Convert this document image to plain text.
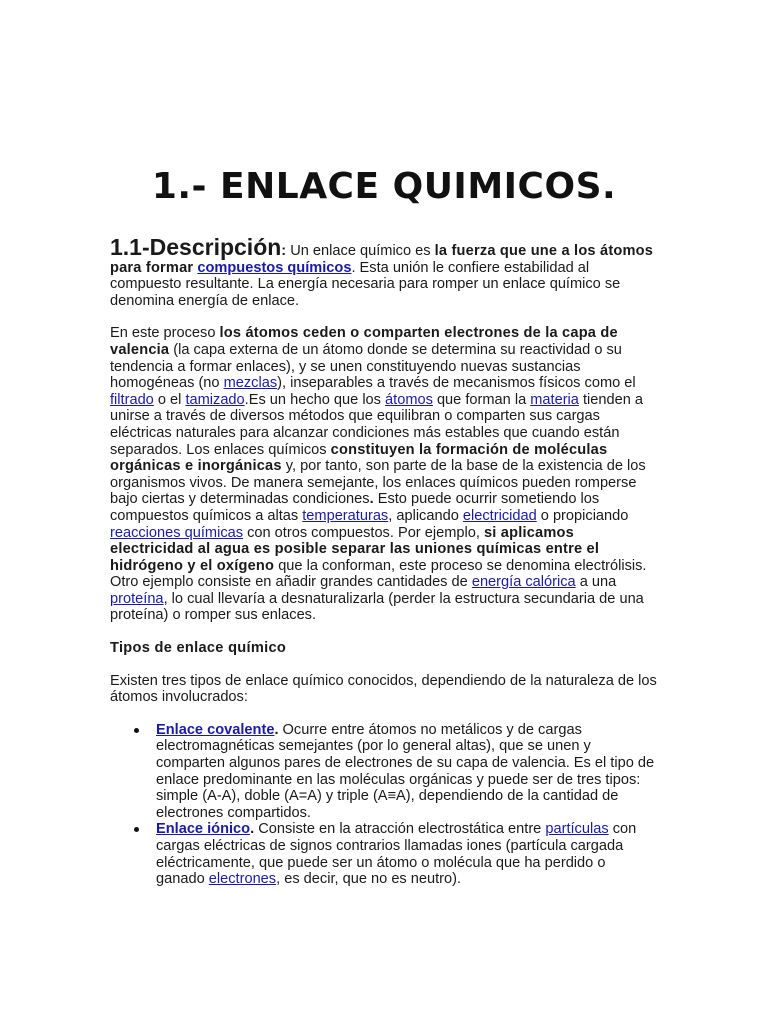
1.- ENLACE QUIMICOS.

1.1-Descripción: Un enlace químico es la fuerza que une a los átomos para formar compuestos químicos. Esta unión le confiere estabilidad al compuesto resultante. La energía necesaria para romper un enlace químico se denomina energía de enlace.

En este proceso los átomos ceden o comparten electrones de la capa de valencia (la capa externa de un átomo donde se determina su reactividad o su tendencia a formar enlaces), y se unen constituyendo nuevas sustancias homogéneas (no mezclas), inseparables a través de mecanismos físicos como el filtrado o el tamizado.Es un hecho que los átomos que forman la materia tienden a unirse a través de diversos métodos que equilibran o comparten sus cargas eléctricas naturales para alcanzar condiciones más estables que cuando están separados. Los enlaces químicos constituyen la formación de moléculas orgánicas e inorgánicas y, por tanto, son parte de la base de la existencia de los organismos vivos. De manera semejante, los enlaces químicos pueden romperse bajo ciertas y determinadas condiciones. Esto puede ocurrir sometiendo los compuestos químicos a altas temperaturas, aplicando electricidad o propiciando reacciones químicas con otros compuestos. Por ejemplo, si aplicamos electricidad al agua es posible separar las uniones químicas entre el hidrógeno y el oxígeno que la conforman, este proceso se denomina electrólisis. Otro ejemplo consiste en añadir grandes cantidades de energía calórica a una proteína, lo cual llevaría a desnaturalizarla (perder la estructura secundaria de una proteína) o romper sus enlaces.

Tipos de enlace químico

Existen tres tipos de enlace químico conocidos, dependiendo de la naturaleza de los átomos involucrados:

Enlace covalente. Ocurre entre átomos no metálicos y de cargas electromagnéticas semejantes (por lo general altas), que se unen y comparten algunos pares de electrones de su capa de valencia. Es el tipo de enlace predominante en las moléculas orgánicas y puede ser de tres tipos: simple (A-A), doble (A=A) y triple (A≡A), dependiendo de la cantidad de electrones compartidos.
Enlace iónico. Consiste en la atracción electrostática entre partículas con cargas eléctricas de signos contrarios llamadas iones (partícula cargada eléctricamente, que puede ser un átomo o molécula que ha perdido o ganado electrones, es decir, que no es neutro).
